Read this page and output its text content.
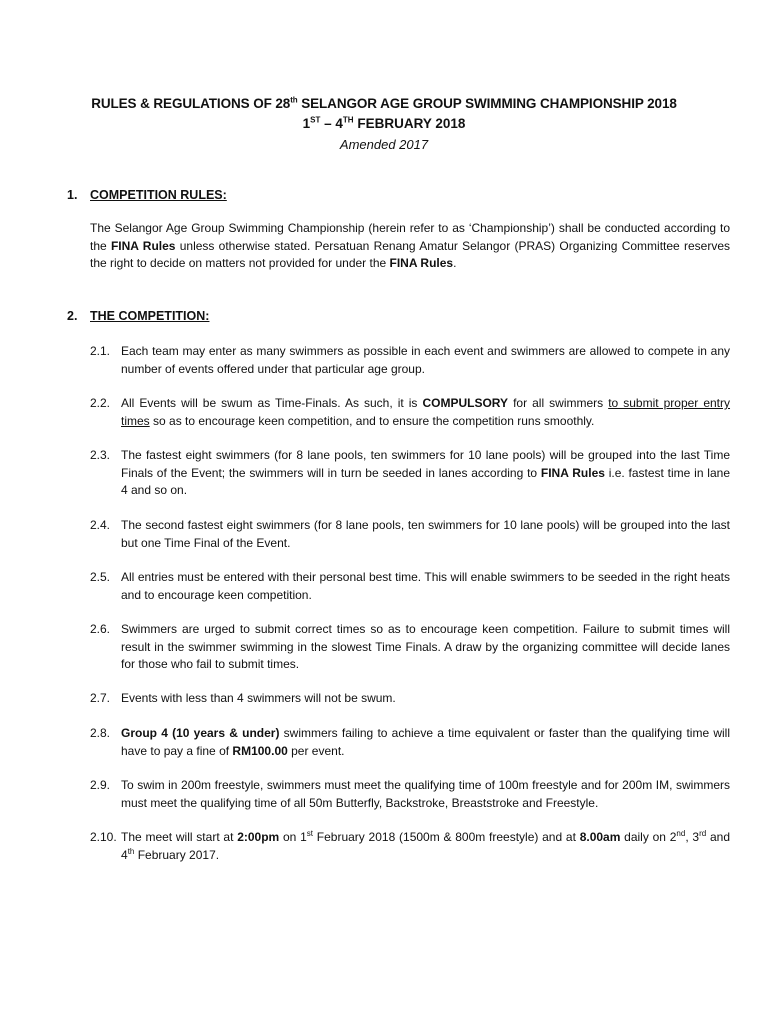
RULES & REGULATIONS OF 28th SELANGOR AGE GROUP SWIMMING CHAMPIONSHIP 2018
1ST – 4TH FEBRUARY 2018
Amended 2017
1. COMPETITION RULES:
The Selangor Age Group Swimming Championship (herein refer to as ‘Championship’) shall be conducted according to the FINA Rules unless otherwise stated. Persatuan Renang Amatur Selangor (PRAS) Organizing Committee reserves the right to decide on matters not provided for under the FINA Rules.
2. THE COMPETITION:
2.1. Each team may enter as many swimmers as possible in each event and swimmers are allowed to compete in any number of events offered under that particular age group.
2.2. All Events will be swum as Time-Finals. As such, it is COMPULSORY for all swimmers to submit proper entry times so as to encourage keen competition, and to ensure the competition runs smoothly.
2.3. The fastest eight swimmers (for 8 lane pools, ten swimmers for 10 lane pools) will be grouped into the last Time Finals of the Event; the swimmers will in turn be seeded in lanes according to FINA Rules i.e. fastest time in lane 4 and so on.
2.4. The second fastest eight swimmers (for 8 lane pools, ten swimmers for 10 lane pools) will be grouped into the last but one Time Final of the Event.
2.5. All entries must be entered with their personal best time. This will enable swimmers to be seeded in the right heats and to encourage keen competition.
2.6. Swimmers are urged to submit correct times so as to encourage keen competition. Failure to submit times will result in the swimmer swimming in the slowest Time Finals. A draw by the organizing committee will decide lanes for those who fail to submit times.
2.7. Events with less than 4 swimmers will not be swum.
2.8. Group 4 (10 years & under) swimmers failing to achieve a time equivalent or faster than the qualifying time will have to pay a fine of RM100.00 per event.
2.9. To swim in 200m freestyle, swimmers must meet the qualifying time of 100m freestyle and for 200m IM, swimmers must meet the qualifying time of all 50m Butterfly, Backstroke, Breaststroke and Freestyle.
2.10. The meet will start at 2:00pm on 1st February 2018 (1500m & 800m freestyle) and at 8.00am daily on 2nd, 3rd and 4th February 2017.
